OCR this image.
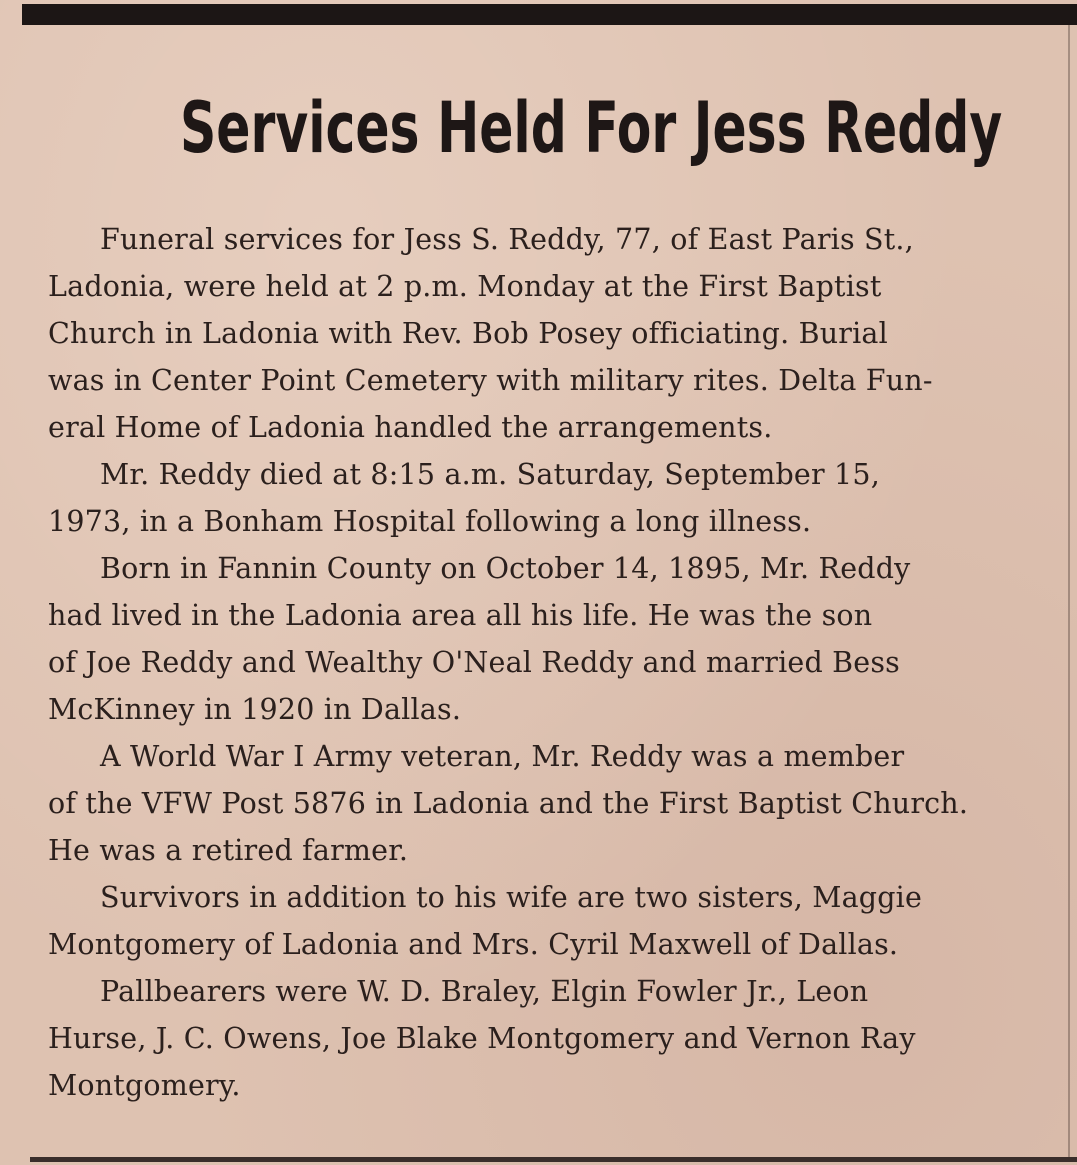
Services Held For Jess Reddy
Funeral services for Jess S. Reddy, 77, of East Paris St.,
Ladonia, were held at 2 p.m. Monday at the First Baptist
Church in Ladonia with Rev. Bob Posey officiating. Burial
was in Center Point Cemetery with military rites. Delta Fun-
eral Home of Ladonia handled the arrangements.
Mr. Reddy died at 8:15 a.m. Saturday, September 15,
1973, in a Bonham Hospital following a long illness.
Born in Fannin County on October 14, 1895, Mr. Reddy
had lived in the Ladonia area all his life. He was the son
of Joe Reddy and Wealthy O'Neal Reddy and married Bess
McKinney in 1920 in Dallas.
A World War I Army veteran, Mr. Reddy was a member
of the VFW Post 5876 in Ladonia and the First Baptist Church.
He was a retired farmer.
Survivors in addition to his wife are two sisters, Maggie
Montgomery of Ladonia and Mrs. Cyril Maxwell of Dallas.
Pallbearers were W. D. Braley, Elgin Fowler Jr., Leon
Hurse, J. C. Owens, Joe Blake Montgomery and Vernon Ray
Montgomery.
